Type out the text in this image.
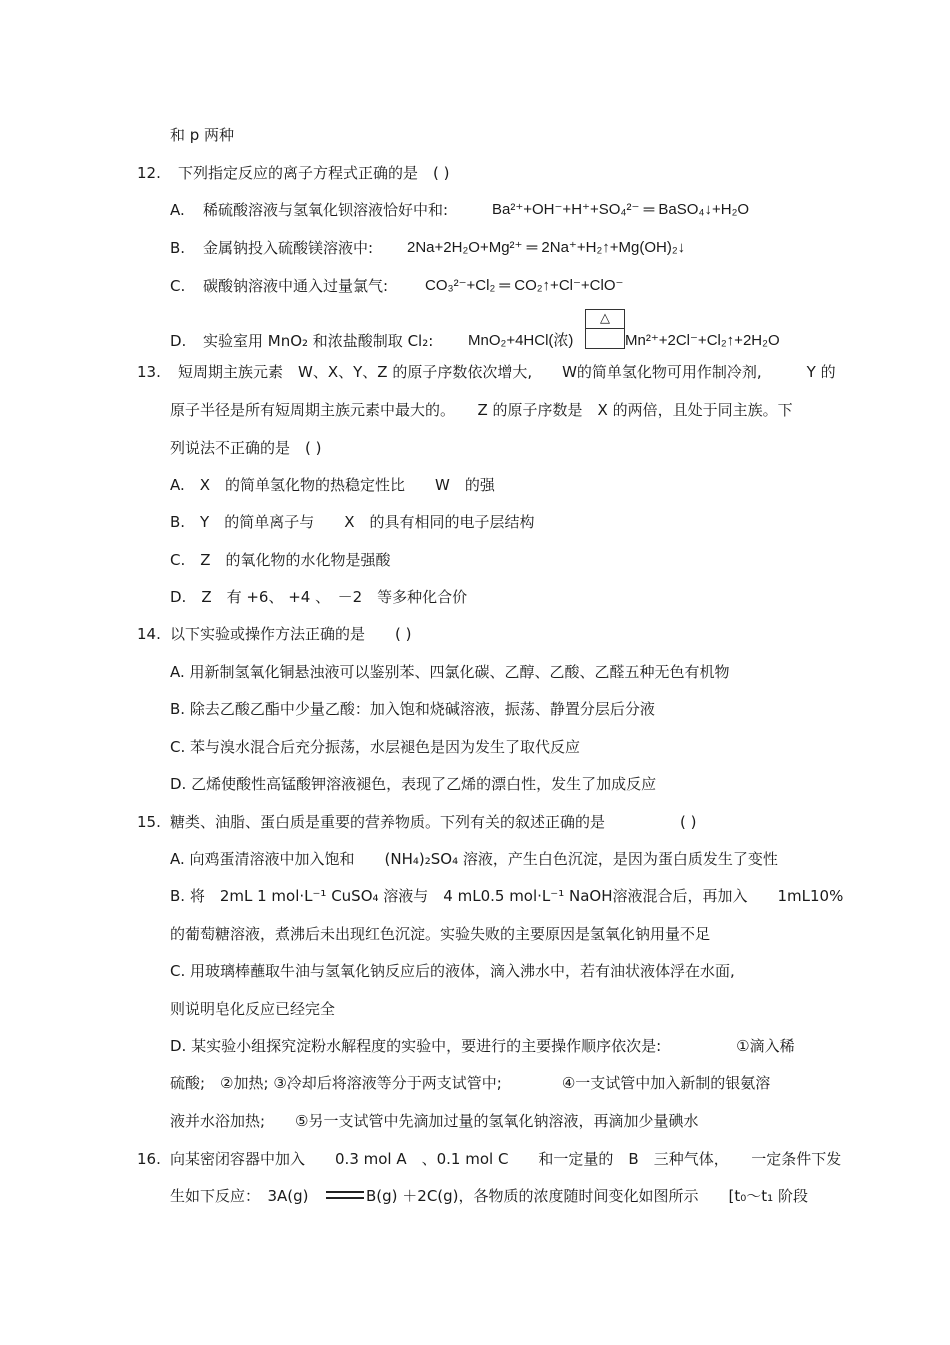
和 p 两种
12. 下列指定反应的离子方程式正确的是　( )
A. 稀硫酸溶液与氢氧化钡溶液恰好中和:	Ba²⁺+OH⁻+H⁺+SO₄²⁻ ═ BaSO₄↓+H₂O
B. 金属钠投入硫酸镁溶液中: 2Na+2H₂O+Mg²⁺ ═ 2Na⁺+H₂↑+Mg(OH)₂↓
C. 碳酸钠溶液中通入过量氯气: CO₃²⁻+Cl₂ ═ CO₂↑+Cl⁻+ClO⁻
D. 实验室用 MnO₂ 和浓盐酸制取 Cl₂: MnO₂+4HCl(浓)
△
Mn²⁺+2Cl⁻+Cl₂↑+2H₂O
13. 短周期主族元素　W、X、Y、Z 的原子序数依次增大,　　W的简单氢化物可用作制冷剂,　　　Y 的
原子半径是所有短周期主族元素中最大的。　　Z 的原子序数是　X 的两倍，且处于同主族。下
列说法不正确的是　( )
A.　X　的简单氢化物的热稳定性比　　W　的强
B.　Y　的简单离子与　　X　的具有相同的电子层结构
C.　Z　的氧化物的水化物是强酸
D.　Z　有 +6、 +4 、　－2　等多种化合价
14. 以下实验或操作方法正确的是　　( )
A. 用新制氢氧化铜悬浊液可以鉴别苯、四氯化碳、乙醇、乙酸、乙醛五种无色有机物
B. 除去乙酸乙酯中少量乙酸：加入饱和烧碱溶液，振荡、静置分层后分液
C. 苯与溴水混合后充分振荡，水层褪色是因为发生了取代反应
D. 乙烯使酸性高锰酸钾溶液褪色，表现了乙烯的漂白性，发生了加成反应
15. 糖类、油脂、蛋白质是重要的营养物质。下列有关的叙述正确的是　　　　　( )
A. 向鸡蛋清溶液中加入饱和　　(NH₄)₂SO₄ 溶液，产生白色沉淀，是因为蛋白质发生了变性
B. 将　2mL 1 mol·L⁻¹ CuSO₄ 溶液与　4 mL0.5 mol·L⁻¹ NaOH溶液混合后，再加入　　1mL10%
的葡萄糖溶液，煮沸后未出现红色沉淀。实验失败的主要原因是氢氧化钠用量不足
C. 用玻璃棒蘸取牛油与氢氧化钠反应后的液体，滴入沸水中，若有油状液体浮在水面,
则说明皂化反应已经完全
D. 某实验小组探究淀粉水解程度的实验中，要进行的主要操作顺序依次是:　　　　　①滴入稀
硫酸;　②加热; ③冷却后将溶液等分于两支试管中;　　　　④一支试管中加入新制的银氨溶
液并水浴加热;　　⑤另一支试管中先滴加过量的氢氧化钠溶液，再滴加少量碘水
16. 向某密闭容器中加入　　0.3 mol A　、0.1 mol C　　和一定量的　B　三种气体，　　一定条件下发
生如下反应：　3A(g)	B(g) ＋2C(g)，各物质的浓度随时间变化如图所示　　[t₀～t₁ 阶段
